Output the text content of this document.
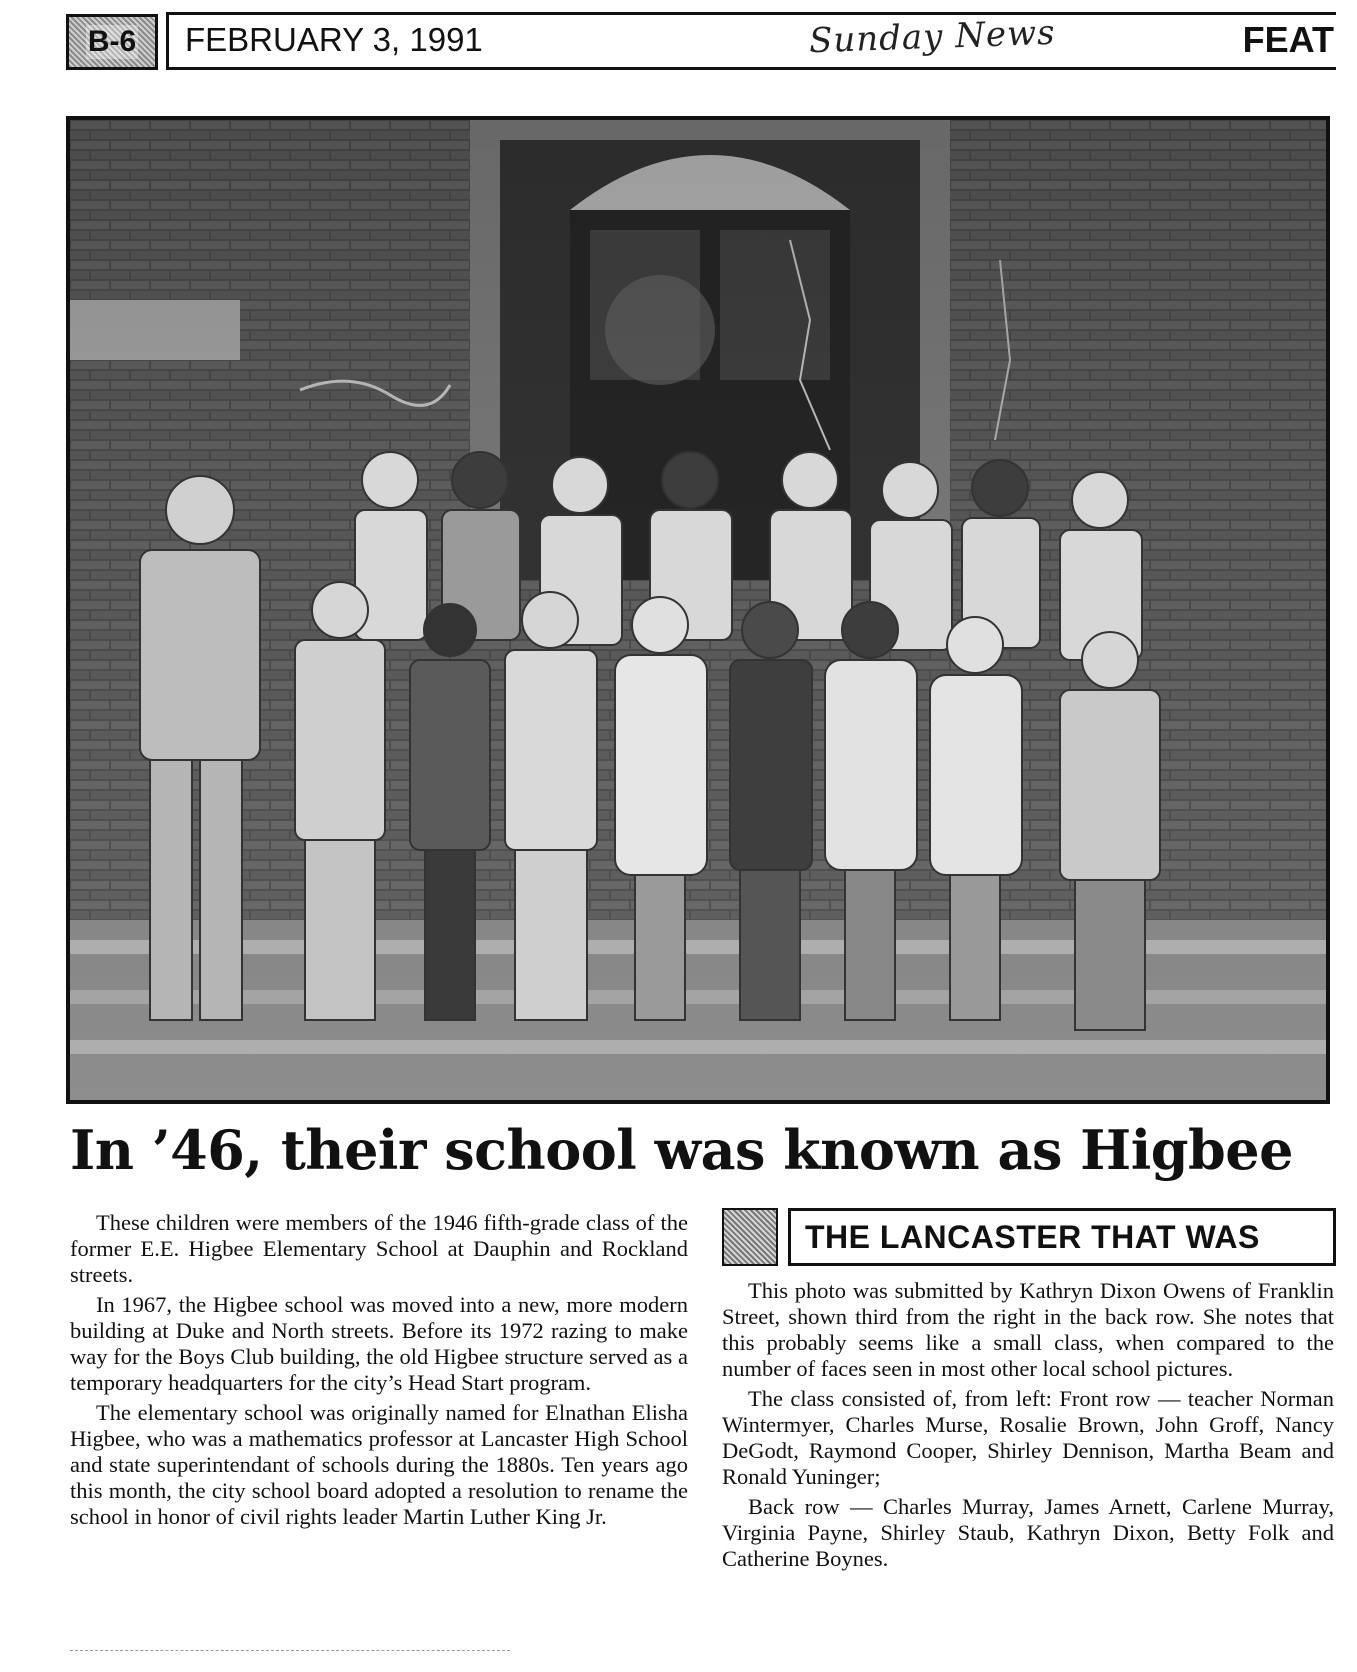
B-6 FEBRUARY 3, 1991	Sunday News	FEAT
In ’46, their school was known as Higbee

These children were members of the 1946 fifth-grade class of the former E.E. Higbee Elementary School at Dauphin and Rockland streets.

In 1967, the Higbee school was moved into a new, more modern building at Duke and North streets. Before its 1972 razing to make way for the Boys Club building, the old Higbee structure served as a temporary headquarters for the city’s Head Start program.

The elementary school was originally named for Elnathan Elisha Higbee, who was a mathematics professor at Lancaster High School and state superintendant of schools during the 1880s. Ten years ago this month, the city school board adopted a resolution to rename the school in honor of civil rights leader Martin Luther King Jr.

THE LANCASTER THAT WAS

This photo was submitted by Kathryn Dixon Owens of Franklin Street, shown third from the right in the back row. She notes that this probably seems like a small class, when compared to the number of faces seen in most other local school pictures.

The class consisted of, from left: Front row — teacher Norman Wintermyer, Charles Murse, Rosalie Brown, John Groff, Nancy DeGodt, Raymond Cooper, Shirley Dennison, Martha Beam and Ronald Yuninger;

Back row — Charles Murray, James Arnett, Carlene Murray, Virginia Payne, Shirley Staub, Kathryn Dixon, Betty Folk and Catherine Boynes.
